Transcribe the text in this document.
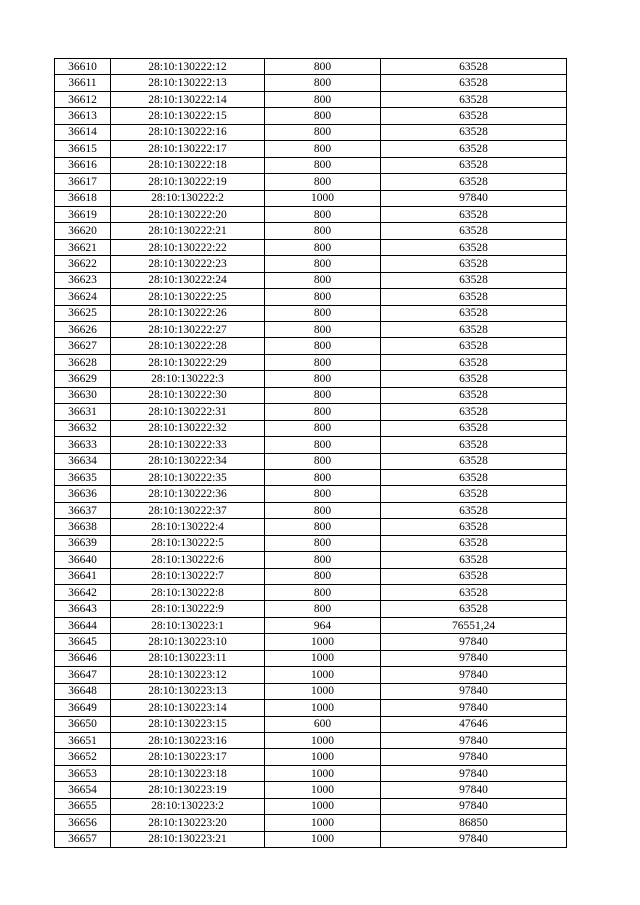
36610	28:10:130222:12	800	63528
36611	28:10:130222:13	800	63528
36612	28:10:130222:14	800	63528
36613	28:10:130222:15	800	63528
36614	28:10:130222:16	800	63528
36615	28:10:130222:17	800	63528
36616	28:10:130222:18	800	63528
36617	28:10:130222:19	800	63528
36618	28:10:130222:2	1000	97840
36619	28:10:130222:20	800	63528
36620	28:10:130222:21	800	63528
36621	28:10:130222:22	800	63528
36622	28:10:130222:23	800	63528
36623	28:10:130222:24	800	63528
36624	28:10:130222:25	800	63528
36625	28:10:130222:26	800	63528
36626	28:10:130222:27	800	63528
36627	28:10:130222:28	800	63528
36628	28:10:130222:29	800	63528
36629	28:10:130222:3	800	63528
36630	28:10:130222:30	800	63528
36631	28:10:130222:31	800	63528
36632	28:10:130222:32	800	63528
36633	28:10:130222:33	800	63528
36634	28:10:130222:34	800	63528
36635	28:10:130222:35	800	63528
36636	28:10:130222:36	800	63528
36637	28:10:130222:37	800	63528
36638	28:10:130222:4	800	63528
36639	28:10:130222:5	800	63528
36640	28:10:130222:6	800	63528
36641	28:10:130222:7	800	63528
36642	28:10:130222:8	800	63528
36643	28:10:130222:9	800	63528
36644	28:10:130223:1	964	76551,24
36645	28:10:130223:10	1000	97840
36646	28:10:130223:11	1000	97840
36647	28:10:130223:12	1000	97840
36648	28:10:130223:13	1000	97840
36649	28:10:130223:14	1000	97840
36650	28:10:130223:15	600	47646
36651	28:10:130223:16	1000	97840
36652	28:10:130223:17	1000	97840
36653	28:10:130223:18	1000	97840
36654	28:10:130223:19	1000	97840
36655	28:10:130223:2	1000	97840
36656	28:10:130223:20	1000	86850
36657	28:10:130223:21	1000	97840
